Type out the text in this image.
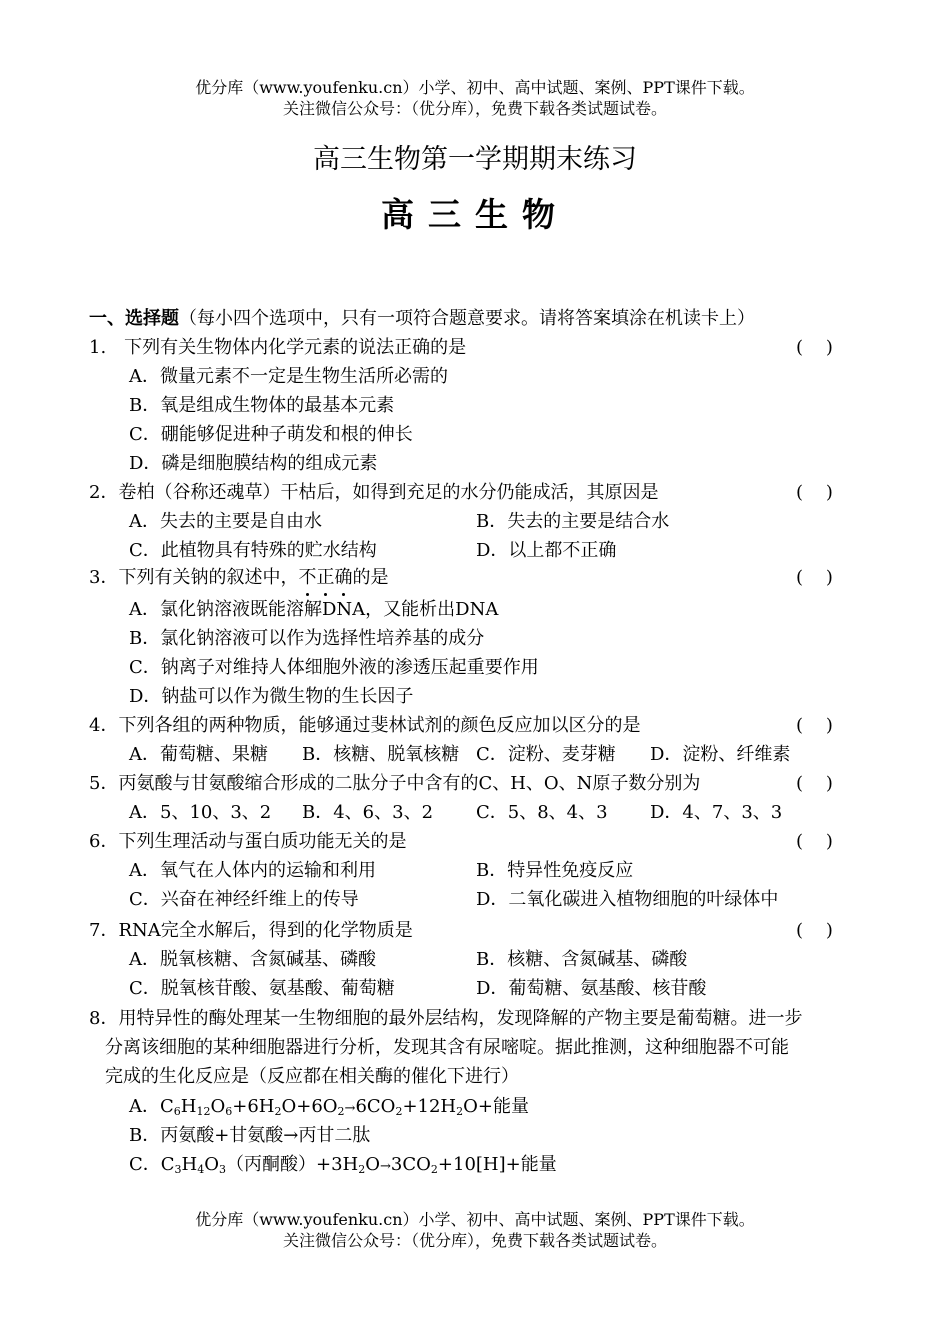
优分库（www.youfenku.cn）小学、初中、高中试题、案例、PPT课件下载。
关注微信公众号：（优分库），免费下载各类试题试卷。
高三生物第一学期期末练习
高三生物
一、选择题（每小四个选项中，只有一项符合题意要求。请将答案填涂在机读卡上）
1.　下列有关生物体内化学元素的说法正确的是	(    )
A．微量元素不一定是生物生活所必需的
B．氧是组成生物体的最基本元素
C．硼能够促进种子萌发和根的伸长
D．磷是细胞膜结构的组成元素
2．卷柏（谷称还魂草）干枯后，如得到充足的水分仍能成活，其原因是	(    )
A．失去的主要是自由水	B．失去的主要是结合水
C．此植物具有特殊的贮水结构	D．以上都不正确
3．下列有关钠的叙述中，不正确的是	(    )
A．氯化钠溶液既能溶解DNA，又能析出DNA
B．氯化钠溶液可以作为选择性培养基的成分
C．钠离子对维持人体细胞外液的渗透压起重要作用
D．钠盐可以作为微生物的生长因子
4．下列各组的两种物质，能够通过斐林试剂的颜色反应加以区分的是	(    )
A．葡萄糖、果糖 B．核糖、脱氧核糖 C．淀粉、麦芽糖 D．淀粉、纤维素
5．丙氨酸与甘氨酸缩合形成的二肽分子中含有的C、H、O、N原子数分别为	(    )
A．5、10、3、2 B．4、6、3、2 C．5、8、4、3 D．4、7、3、3
6．下列生理活动与蛋白质功能无关的是	(    )
A．氧气在人体内的运输和利用	B．特异性免疫反应
C．兴奋在神经纤维上的传导	D．二氧化碳进入植物细胞的叶绿体中
7．RNA完全水解后，得到的化学物质是	(    )
A．脱氧核糖、含氮碱基、磷酸	B．核糖、含氮碱基、磷酸
C．脱氧核苷酸、氨基酸、葡萄糖	D．葡萄糖、氨基酸、核苷酸
8．用特异性的酶处理某一生物细胞的最外层结构，发现降解的产物主要是葡萄糖。进一步
分离该细胞的某种细胞器进行分析，发现其含有尿嘧啶。据此推测，这种细胞器不可能
完成的生化反应是（反应都在相关酶的催化下进行）
A．$C_6H_{12}O_6+6H_2O+6O_2\to 6CO_2+12H_2O+$能量
B．丙氨酸+甘氨酸→丙甘二肽
C．$C_3H_4O_3$（丙酮酸）$+3H_2O\to 3CO_2+10[H]+$能量
优分库（www.youfenku.cn）小学、初中、高中试题、案例、PPT课件下载。
关注微信公众号：（优分库），免费下载各类试题试卷。
